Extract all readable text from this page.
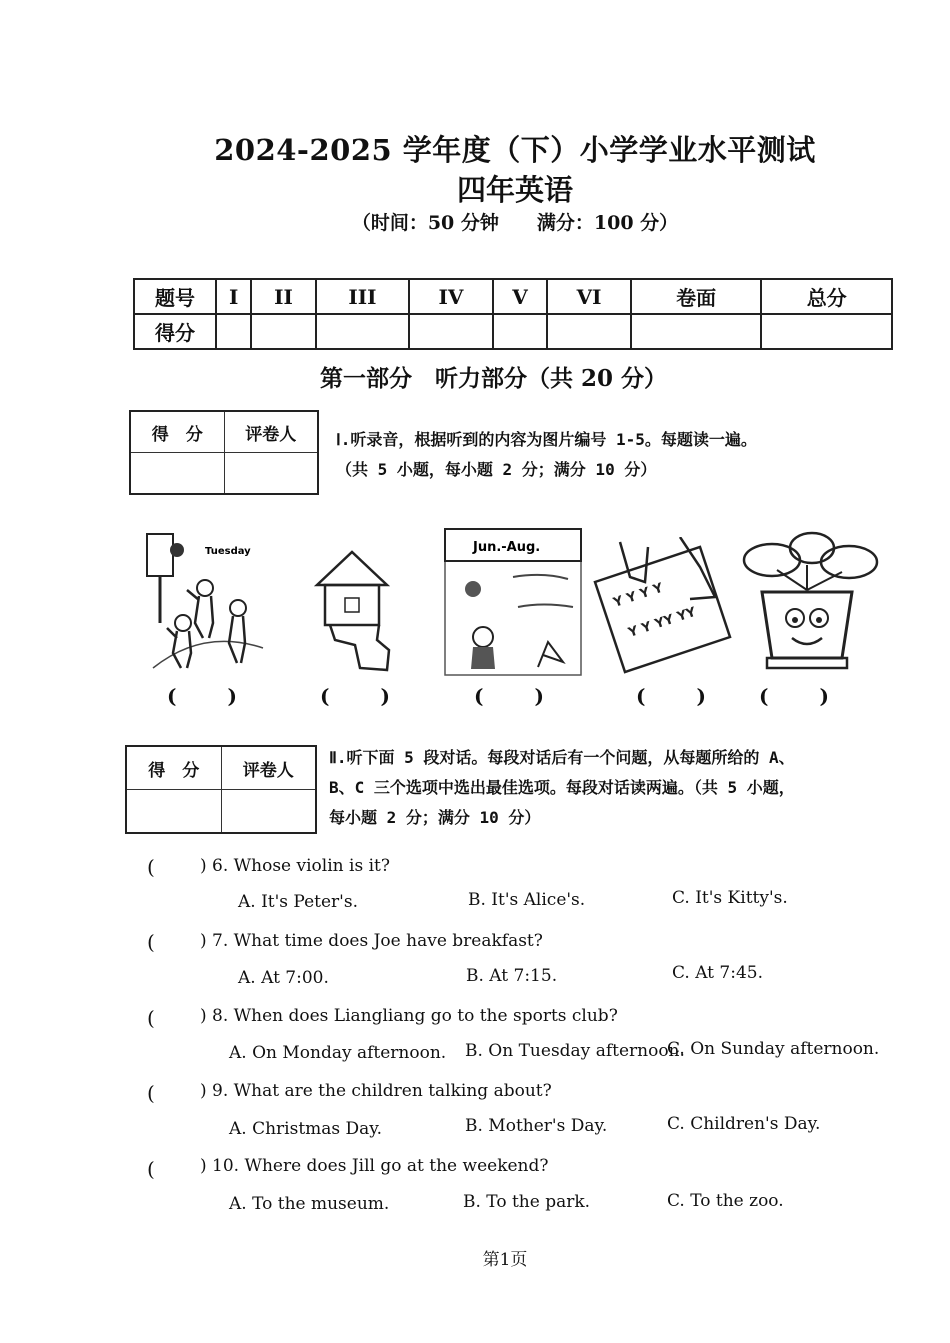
2024-2025 学年度（下）小学学业水平测试
四年英语
（时间：50 分钟　　满分：100 分）
题号	I	II	III	IV	V	VI	卷面	总分
得分								
第一部分　听力部分（共 20 分）
得　分	评卷人
	Ⅰ.听录音，根据听到的内容为图片编号 1-5。每题读一遍。
（共 5 小题，每小题 2 分；满分 10 分）
Tuesday	Jun.-Aug.
Y Y Y Y
Y Y YY YY
(	)	(	)	(	)	(	)	(	)
得　分	评卷人

Ⅱ.听下面 5 段对话。每段对话后有一个问题，从每题所给的 A、
B、C 三个选项中选出最佳选项。每段对话读两遍。（共 5 小题，
每小题 2 分；满分 10 分）
(	) 6. Whose violin is it?
A. It's Peter's.	B. It's Alice's.	C. It's Kitty's.
(	) 7. What time does Joe have breakfast?
A. At 7:00.	B. At 7:15.	C. At 7:45.
(	) 8. When does Liangliang go to the sports club?
A. On Monday afternoon. B. On Tuesday afternoon.
C. On Sunday afternoon.
(	) 9. What are the children talking about?
A. Christmas Day.	B. Mother's Day.	C. Children's Day.
(	) 10. Where does Jill go at the weekend?
A. To the museum.	B. To the park.	C. To the zoo.
第1页
